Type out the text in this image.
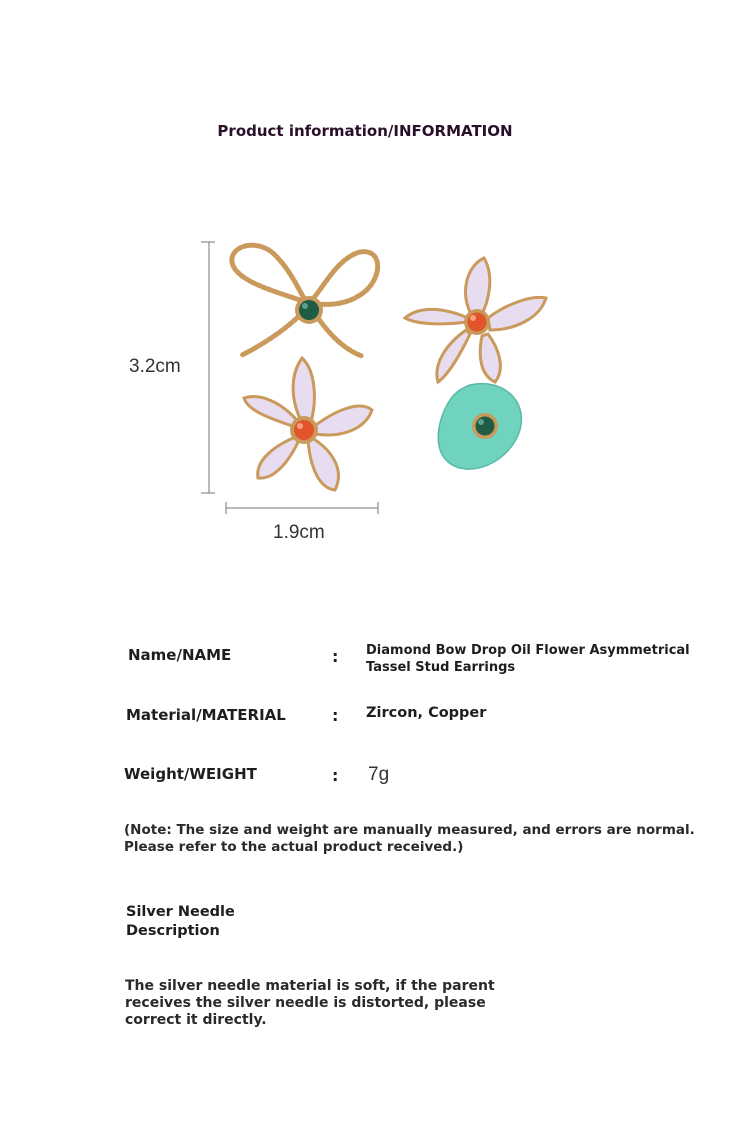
Product information/INFORMATION
3.2cm
1.9cm
Name/NAME	: Diamond Bow Drop Oil Flower Asymmetrical Tassel Stud Earrings
Material/MATERIAL	: Zircon, Copper
Weight/WEIGHT	: 7g
(Note: The size and weight are manually measured, and errors are normal. Please refer to the actual product received.)
Silver Needle Description
The silver needle material is soft, if the parent receives the silver needle is distorted, please correct it directly.
